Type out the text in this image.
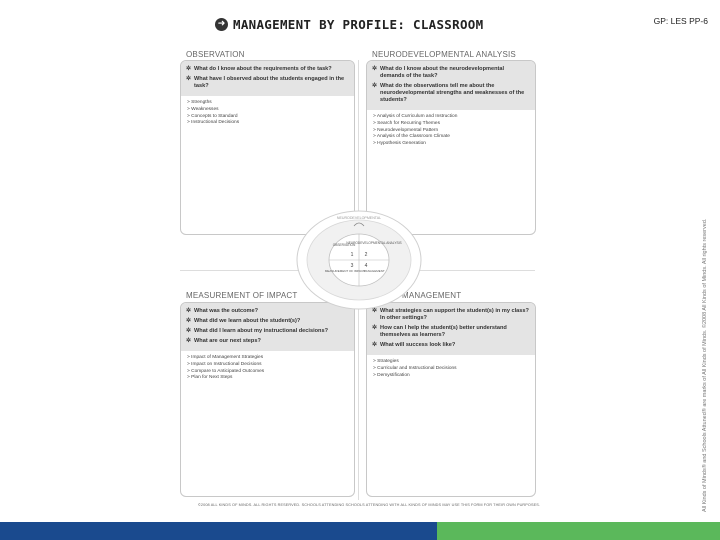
➜ MANAGEMENT BY PROFILE: CLASSROOM	GP: LES PP-6
OBSERVATION	NEURODEVELOPMENTAL ANALYSIS
MEASUREMENT OF IMPACT	MANAGEMENT
✲ What do I know about the requirements of the task?
✲ What have I observed about the students engaged in the task?
> Strengths
> Weaknesses
> Concepts to Standard
> Instructional Decisions
✲ What do I know about the neurodevelopmental demands of the task?
✲ What do the observations tell me about the neurodevelopmental strengths and weaknesses of the students?
> Analysis of Curriculum and Instruction
> Search for Recurring Themes
> Neurodevelopmental Pattern
> Analysis of the Classroom Climate
> Hypothesis Generation
✲ What was the outcome?
✲ What did we learn about the student(s)?
✲ What did I learn about my instructional decisions?
✲ What are our next steps?
> Impact of Management Strategies
> Impact on Instructional Decisions
> Compare to Anticipated Outcomes
> Plan for Next Steps
✲ What strategies can support the student(s) in my class? In other settings?
✲ How can I help the student(s) better understand themselves as learners?
✲ What will success look like?
> Strategies
> Curricular and Instructional Decisions
> Demystification
NEURODEVELOPMENTAL
OBSERVATION
NEURODEVELOPMENTAL ANALYSIS
MEASUREMENT OF IMPACT
MANAGEMENT
1 2
3 4
©2008 ALL KINDS OF MINDS. ALL RIGHTS RESERVED. SCHOOLS ATTENDING SCHOOLS ATTENDING WITH ALL KINDS OF MINDS MAY USE THIS FORM FOR THEIR OWN PURPOSES.	All Kinds of Minds® and Schools Attuned® are marks of All Kinds of Minds. ©2008 All Kinds of Minds. All rights reserved.
